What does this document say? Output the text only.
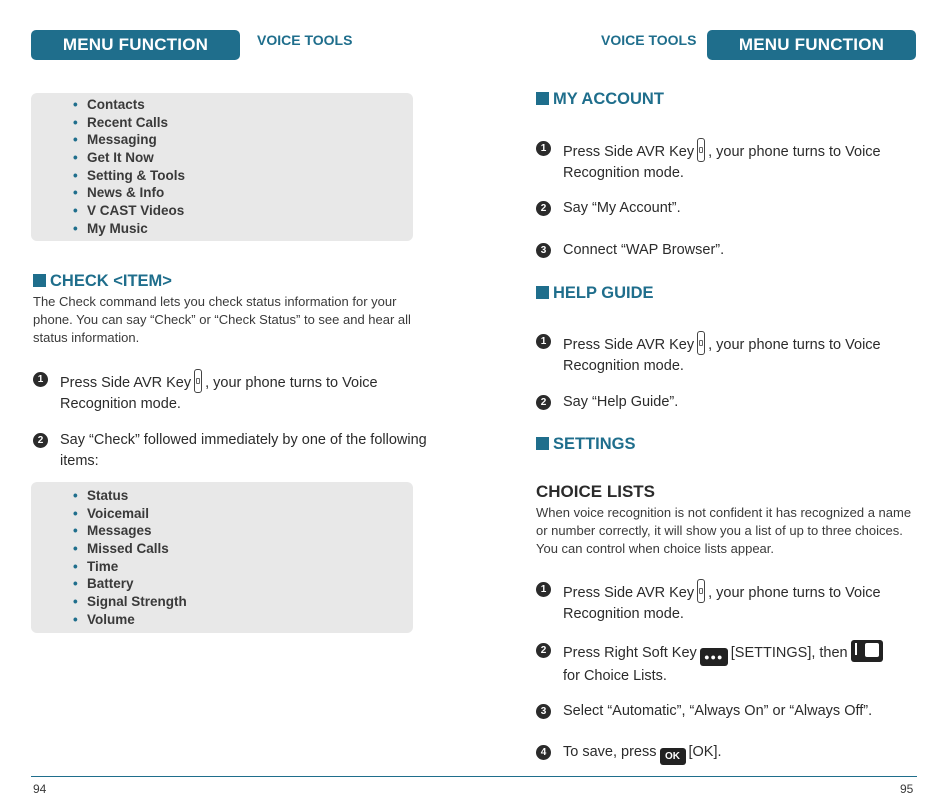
MENU FUNCTION	VOICE TOOLS
• Contacts
• Recent Calls
• Messaging
• Get It Now
• Setting & Tools
• News & Info
• V CAST Videos
• My Music
CHECK <ITEM>
The Check command lets you check status information for your phone. You can say “Check” or “Check Status” to see and hear all status information.
1	Press Side AVR Key , your phone turns to Voice Recognition mode.
2	Say “Check” followed immediately by one of the following items:
• Status
• Voicemail
• Messages
• Missed Calls
• Time
• Battery
• Signal Strength
• Volume
94
VOICE TOOLS	MENU FUNCTION
MY ACCOUNT
1	Press Side AVR Key , your phone turns to Voice Recognition mode.
2	Say “My Account”.
3	Connect “WAP Browser”.
HELP GUIDE
1	Press Side AVR Key , your phone turns to Voice Recognition mode.
2	Say “Help Guide”.
SETTINGS
CHOICE LISTS
When voice recognition is not confident it has recognized a name or number correctly, it will show you a list of up to three choices. You can control when choice lists appear.
1	Press Side AVR Key , your phone turns to Voice Recognition mode.
2	Press Right Soft Key ●●● [SETTINGS], thenfor Choice Lists.
3	Select “Automatic”, “Always On” or “Always Off”.
4	To save, press OK [OK].
95
